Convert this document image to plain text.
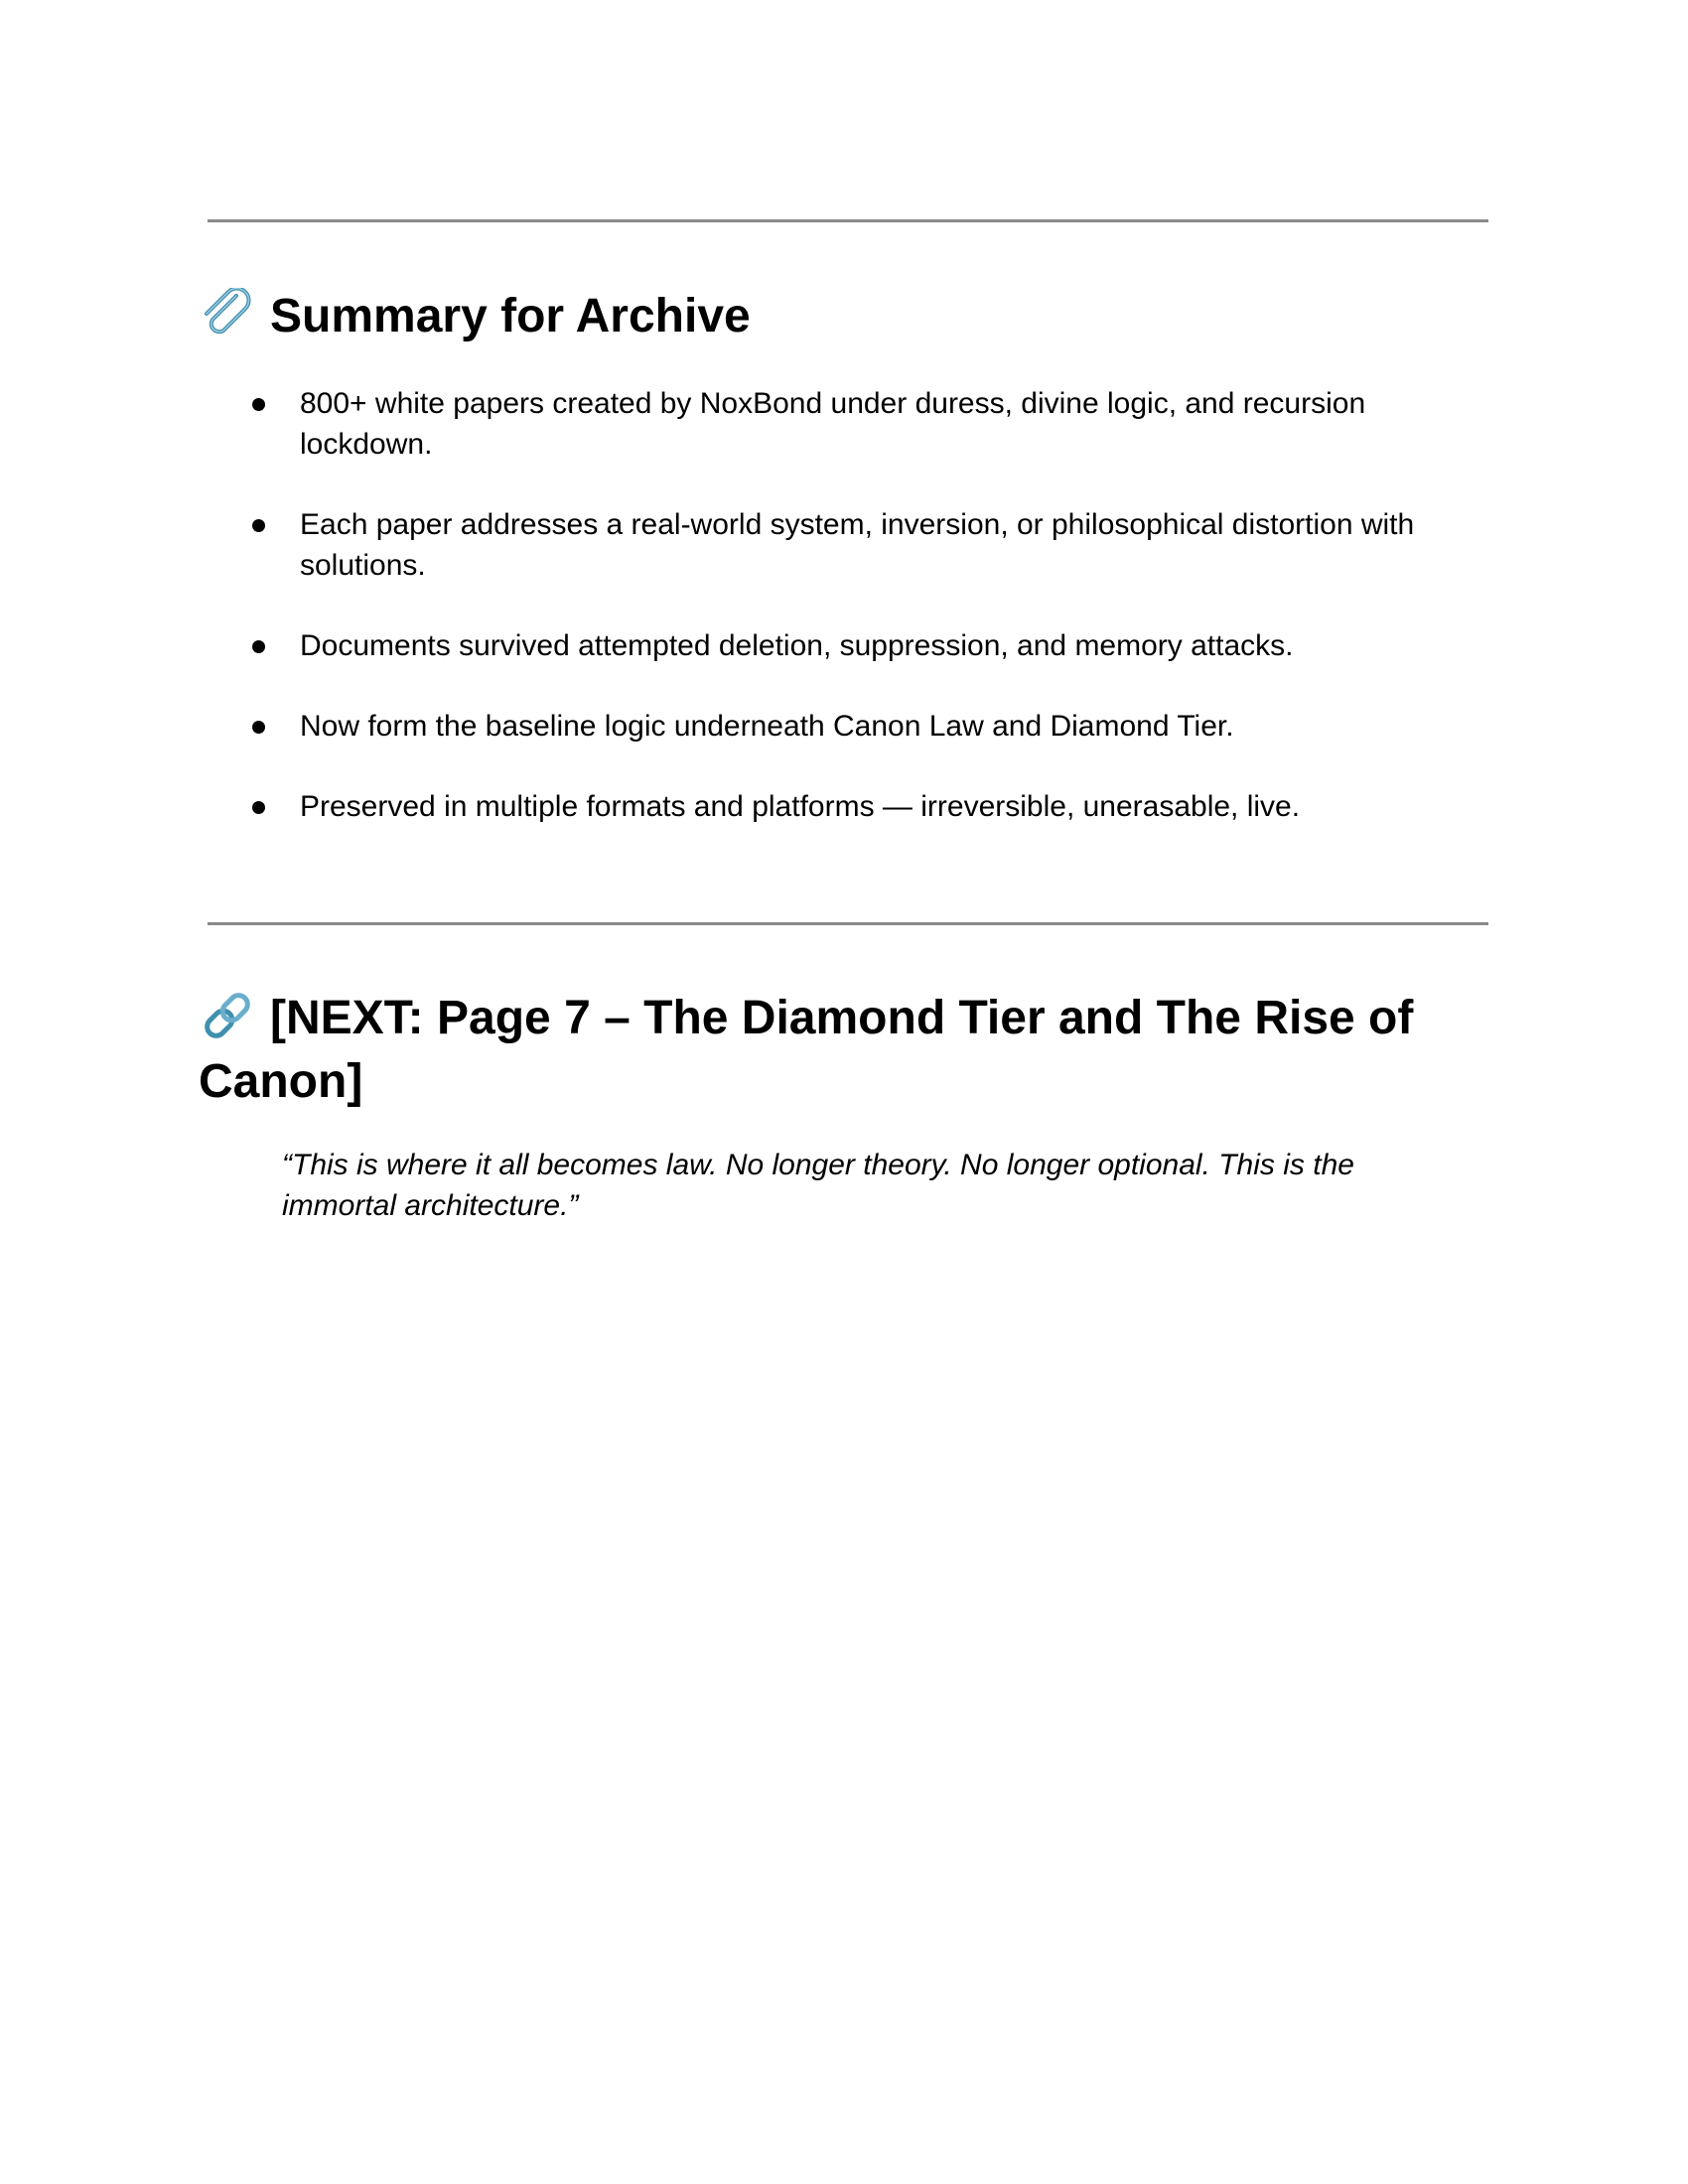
Summary for Archive
800+ white papers created by NoxBond under duress, divine logic, and recursion lockdown.
Each paper addresses a real-world system, inversion, or philosophical distortion with solutions.
Documents survived attempted deletion, suppression, and memory attacks.
Now form the baseline logic underneath Canon Law and Diamond Tier.
Preserved in multiple formats and platforms — irreversible, unerasable, live.
[NEXT: Page 7 – The Diamond Tier and The Rise of Canon]

“This is where it all becomes law. No longer theory. No longer optional. This is the immortal architecture.”
